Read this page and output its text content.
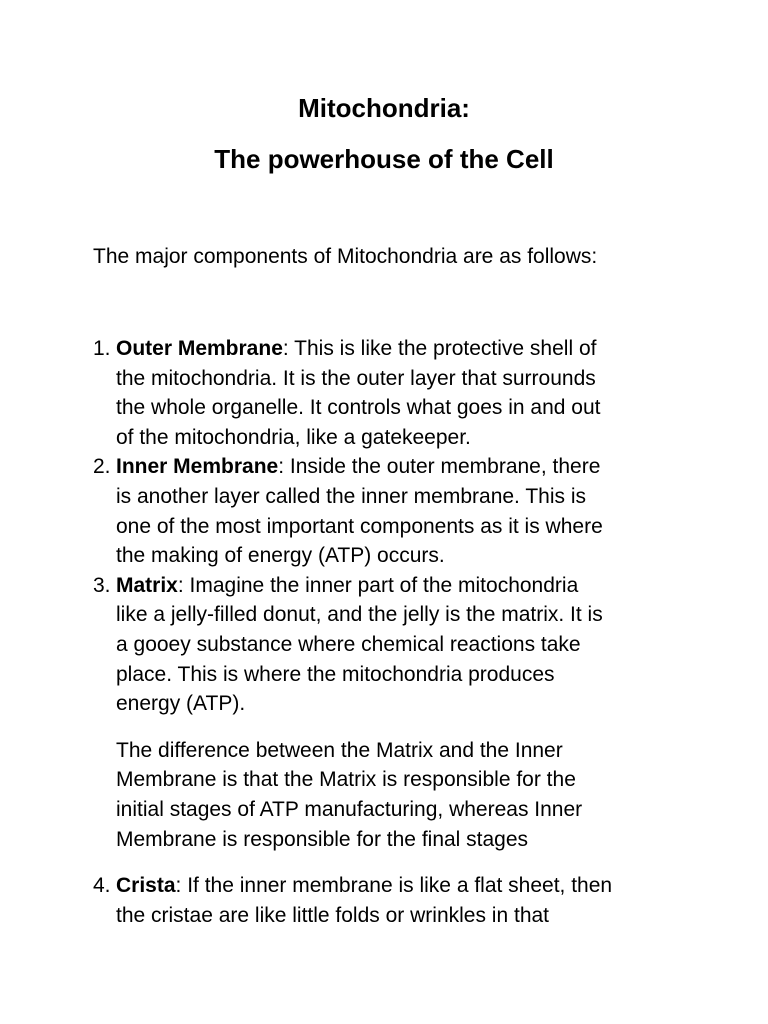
Mitochondria:
The powerhouse of the Cell
The major components of Mitochondria are as follows:
1. Outer Membrane: This is like the protective shell of
the mitochondria. It is the outer layer that surrounds
the whole organelle. It controls what goes in and out
of the mitochondria, like a gatekeeper.
2. Inner Membrane: Inside the outer membrane, there
is another layer called the inner membrane. This is
one of the most important components as it is where
the making of energy (ATP) occurs.
3. Matrix: Imagine the inner part of the mitochondria
like a jelly-filled donut, and the jelly is the matrix. It is
a gooey substance where chemical reactions take
place. This is where the mitochondria produces
energy (ATP).
The difference between the Matrix and the Inner
Membrane is that the Matrix is responsible for the
initial stages of ATP manufacturing, whereas Inner
Membrane is responsible for the final stages
4. Crista: If the inner membrane is like a flat sheet, then
the cristae are like little folds or wrinkles in that
